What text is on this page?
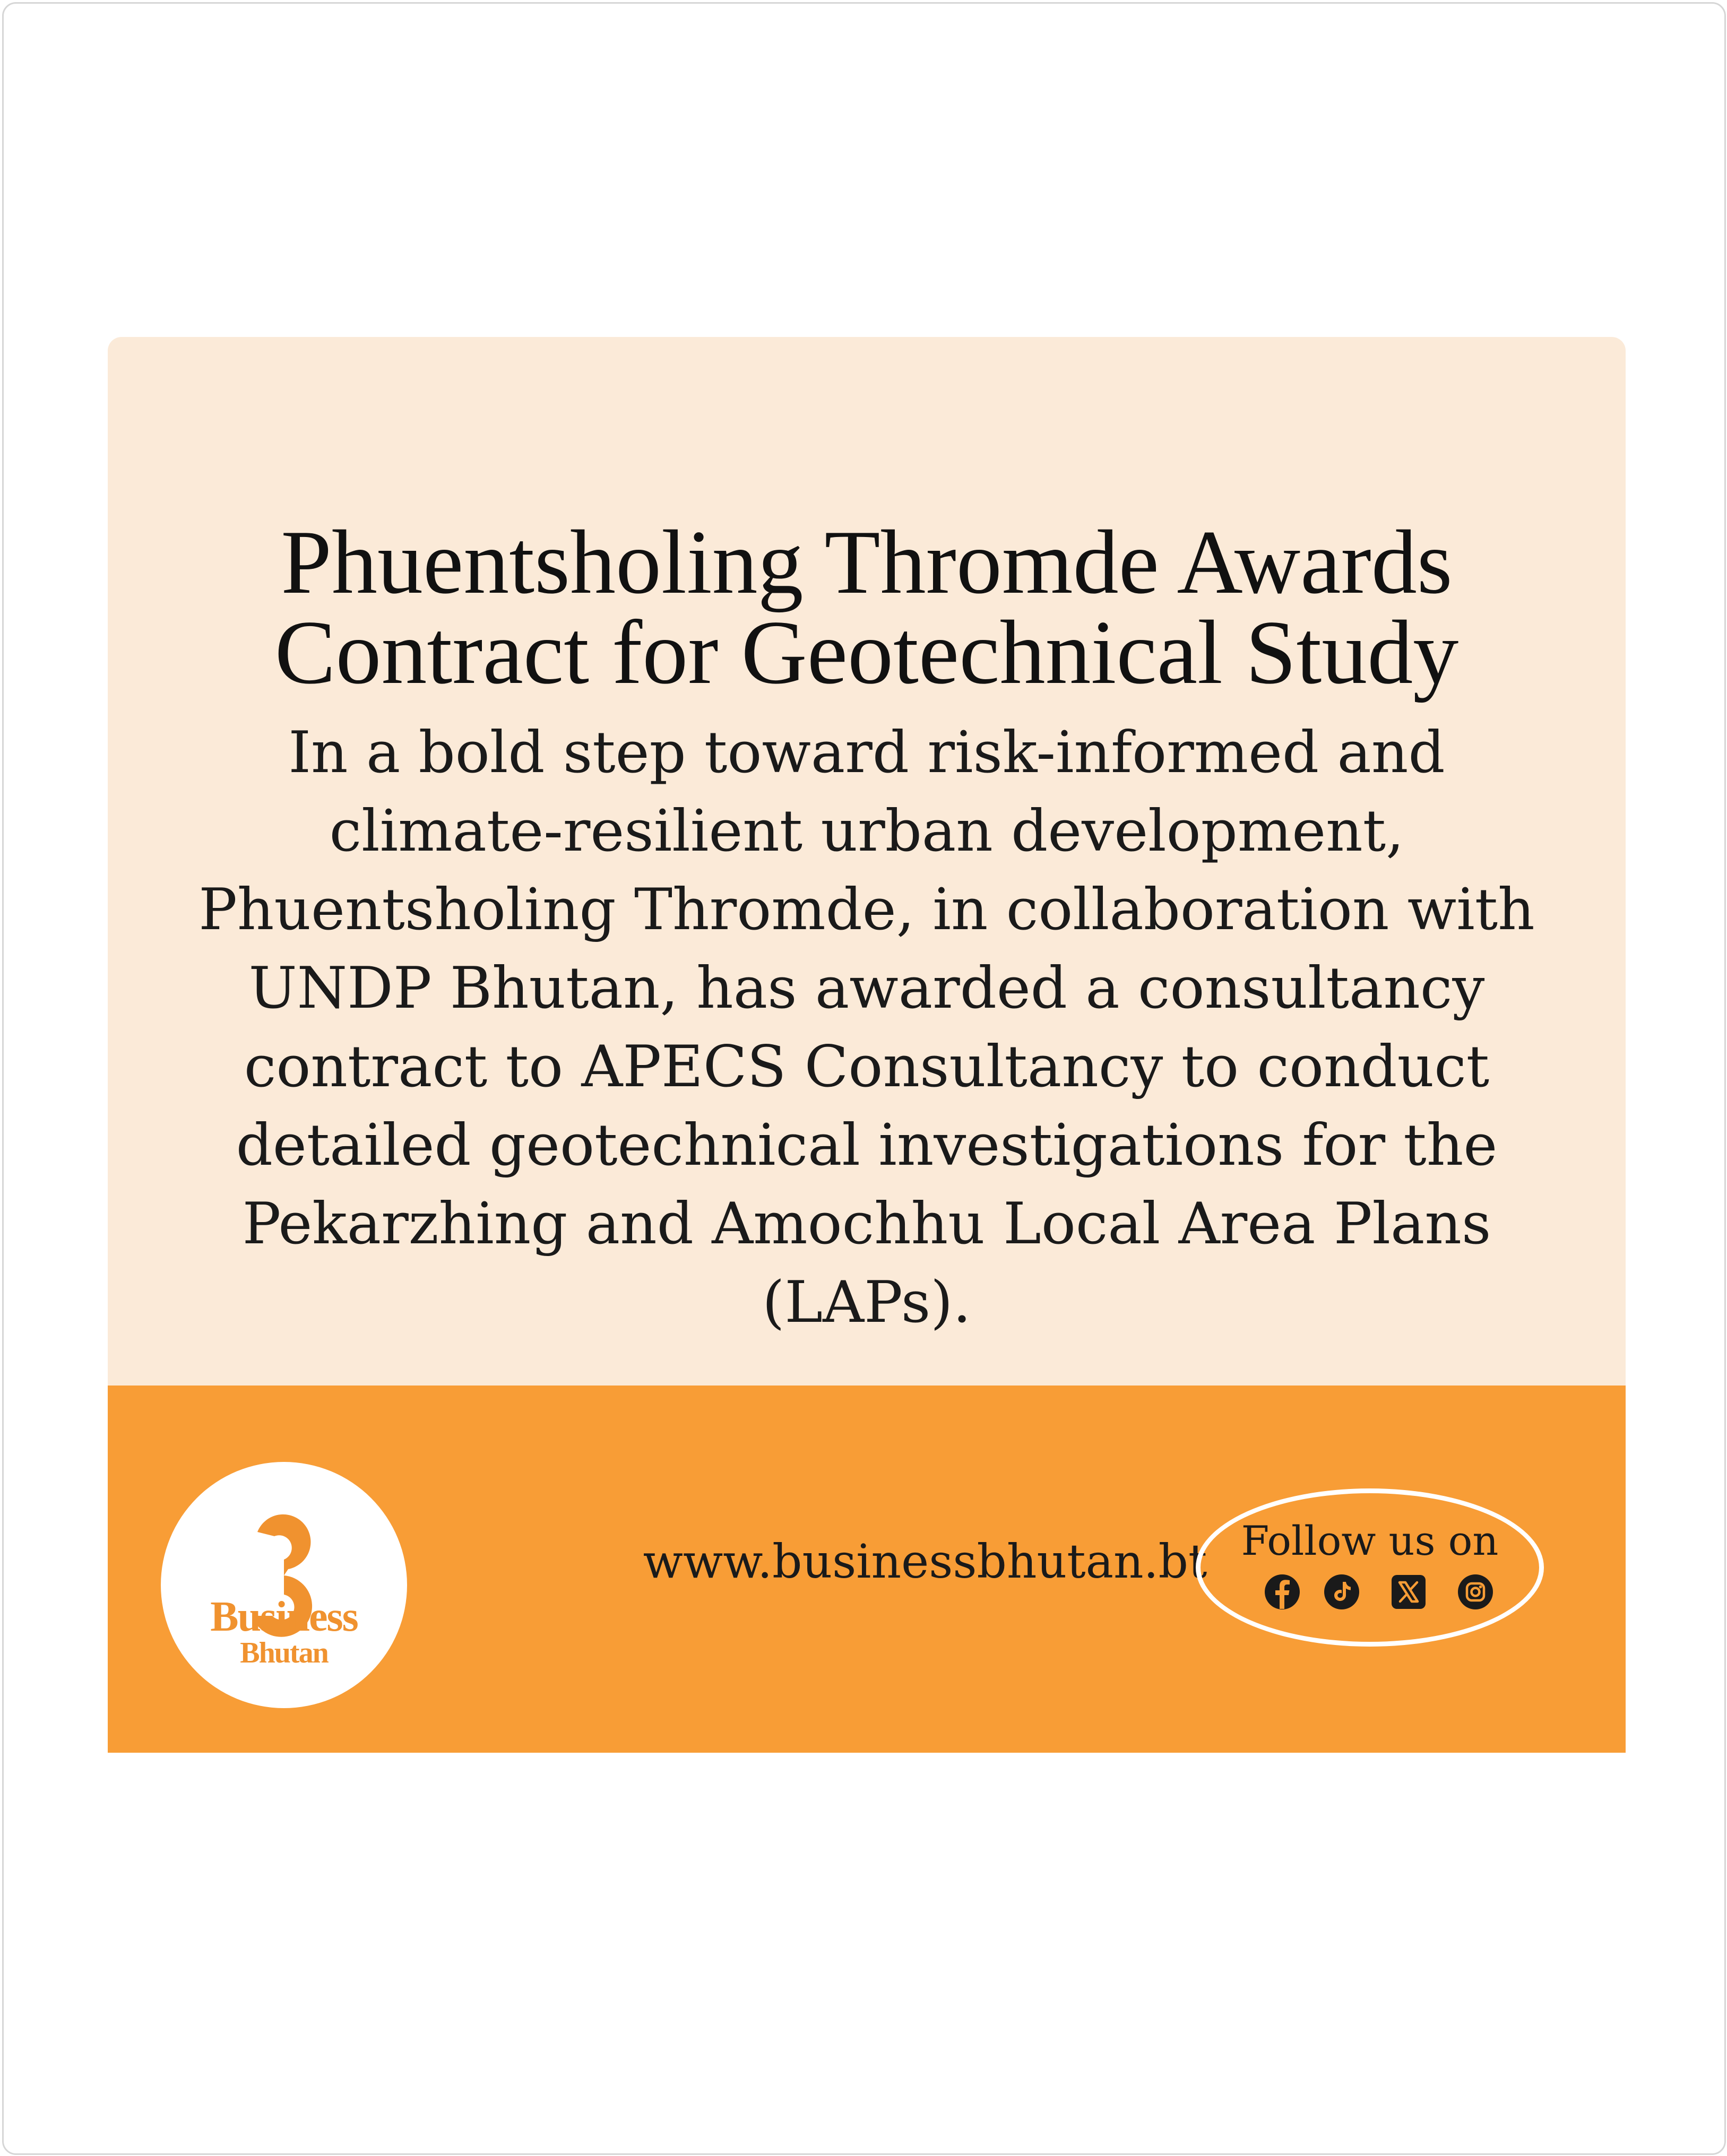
Phuentsholing Thromde Awards Contract for Geotechnical Study

In a bold step toward risk-informed and climate-resilient urban development, Phuentsholing Thromde, in collaboration with UNDP Bhutan, has awarded a consultancy contract to APECS Consultancy to conduct detailed geotechnical investigations for the Pekarzhing and Amochhu Local Area Plans (LAPs).

Business
Bhutan
www.businessbhutan.bt Follow us on
